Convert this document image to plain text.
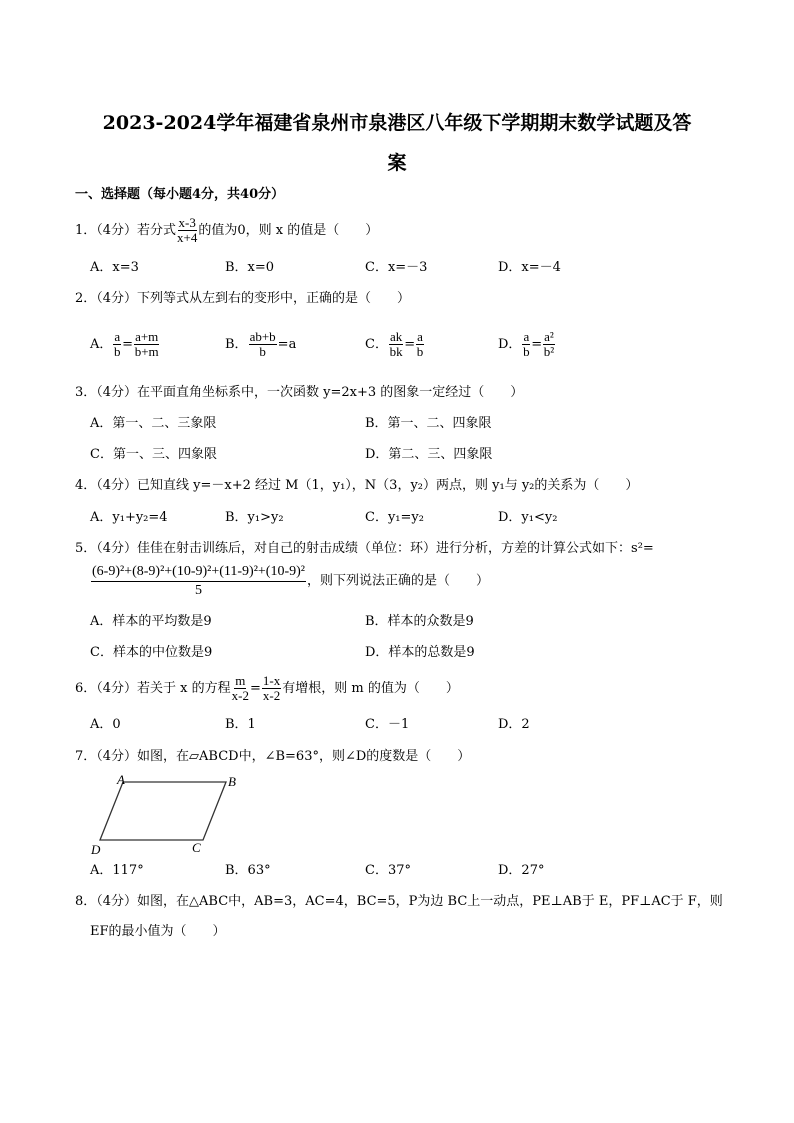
2023-2024学年福建省泉州市泉港区八年级下学期期末数学试题及答
案
一、选择题（每小题4分，共40分）
1．（4分）若分式 $\frac{x-3}{x+4}$ 的值为0，则 x 的值是（　　）
A．x=3	B．x=0	C．x=－3	D．x=－4
2．（4分）下列等式从左到右的变形中，正确的是（　　）
A． $\frac{a}{b} = \frac{a+m}{b+m}$	B． $\frac{ab+b}{b} =a$	C． $\frac{ak}{bk} = \frac{a}{b}$	D． $\frac{a}{b} = \frac{\text{a²}}{\text{b²}}$
3．（4分）在平面直角坐标系中，一次函数 y=2x+3 的图象一定经过（　　）
A．第一、二、三象限	B．第一、二、四象限
C．第一、三、四象限	D．第二、三、四象限
4．（4分）已知直线 y=－x+2 经过 M（1，y₁），N（3，y₂）两点，则 y₁与 y₂的关系为（　　）
A．y₁+y₂=4	B．y₁>y₂	C．y₁=y₂	D．y₁<y₂
5．（4分）佳佳在射击训练后，对自己的射击成绩（单位：环）进行分析，方差的计算公式如下：s²=
$\frac{\text{(6-9)²+(8-9)²+(10-9)²+(11-9)²+(10-9)²}}{5}$ ，则下列说法正确的是（　　）
A．样本的平均数是9	B．样本的众数是9
C．样本的中位数是9	D．样本的总数是9
6．（4分）若关于 x 的方程 $\frac{m}{x-2} = \frac{1-x}{x-2}$ 有增根，则 m 的值为（　　）
A．0	B．1	C．－1	D．2
7．（4分）如图，在▱ABCD中，∠B=63°，则∠D的度数是（　　）
A	B
C
D
A．117°	B．63°	C．37°	D．27°
8．（4分）如图，在△ABC中，AB=3，AC=4，BC=5，P为边 BC上一动点，PE⊥AB于 E，PF⊥AC于 F，则
EF的最小值为（　　）
